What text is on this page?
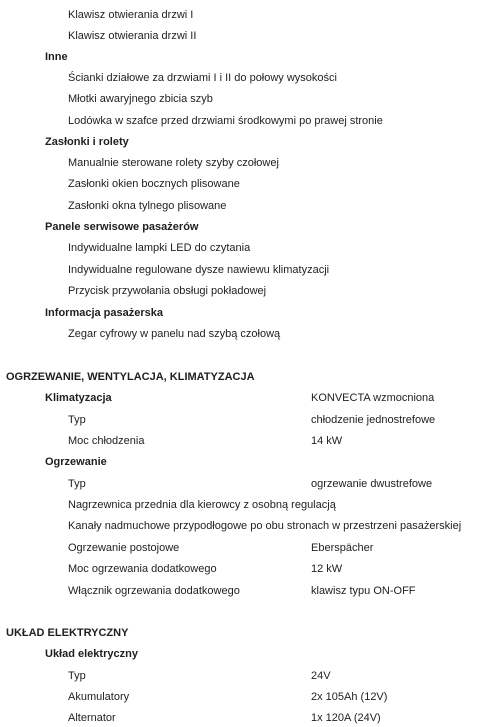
Klawisz otwierania drzwi I
Klawisz otwierania drzwi II
Inne
Ścianki działowe za drzwiami I i II do połowy wysokości
Młotki awaryjnego zbicia szyb
Lodówka w szafce przed drzwiami środkowymi po prawej stronie
Zasłonki i rolety
Manualnie sterowane rolety szyby czołowej
Zasłonki okien bocznych plisowane
Zasłonki okna tylnego plisowane
Panele serwisowe pasażerów
Indywidualne lampki LED do czytania
Indywidualne regulowane dysze nawiewu klimatyzacji
Przycisk przywołania obsługi pokładowej
Informacja pasażerska
Zegar cyfrowy w panelu nad szybą czołową
OGRZEWANIE, WENTYLACJA, KLIMATYZACJA
Klimatyzacja	KONVECTA wzmocniona
Typ	chłodzenie jednostrefowe
Moc chłodzenia	14 kW
Ogrzewanie
Typ	ogrzewanie dwustrefowe
Nagrzewnica przednia dla kierowcy z osobną regulacją
Kanały nadmuchowe przypodłogowe po obu stronach w przestrzeni pasażerskiej
Ogrzewanie postojowe	Eberspächer
Moc ogrzewania dodatkowego	12 kW
Włącznik ogrzewania dodatkowego	klawisz typu ON-OFF
UKŁAD ELEKTRYCZNY
Układ elektryczny
Typ	24V
Akumulatory	2x 105Ah (12V)
Alternator	1x 120A (24V)
